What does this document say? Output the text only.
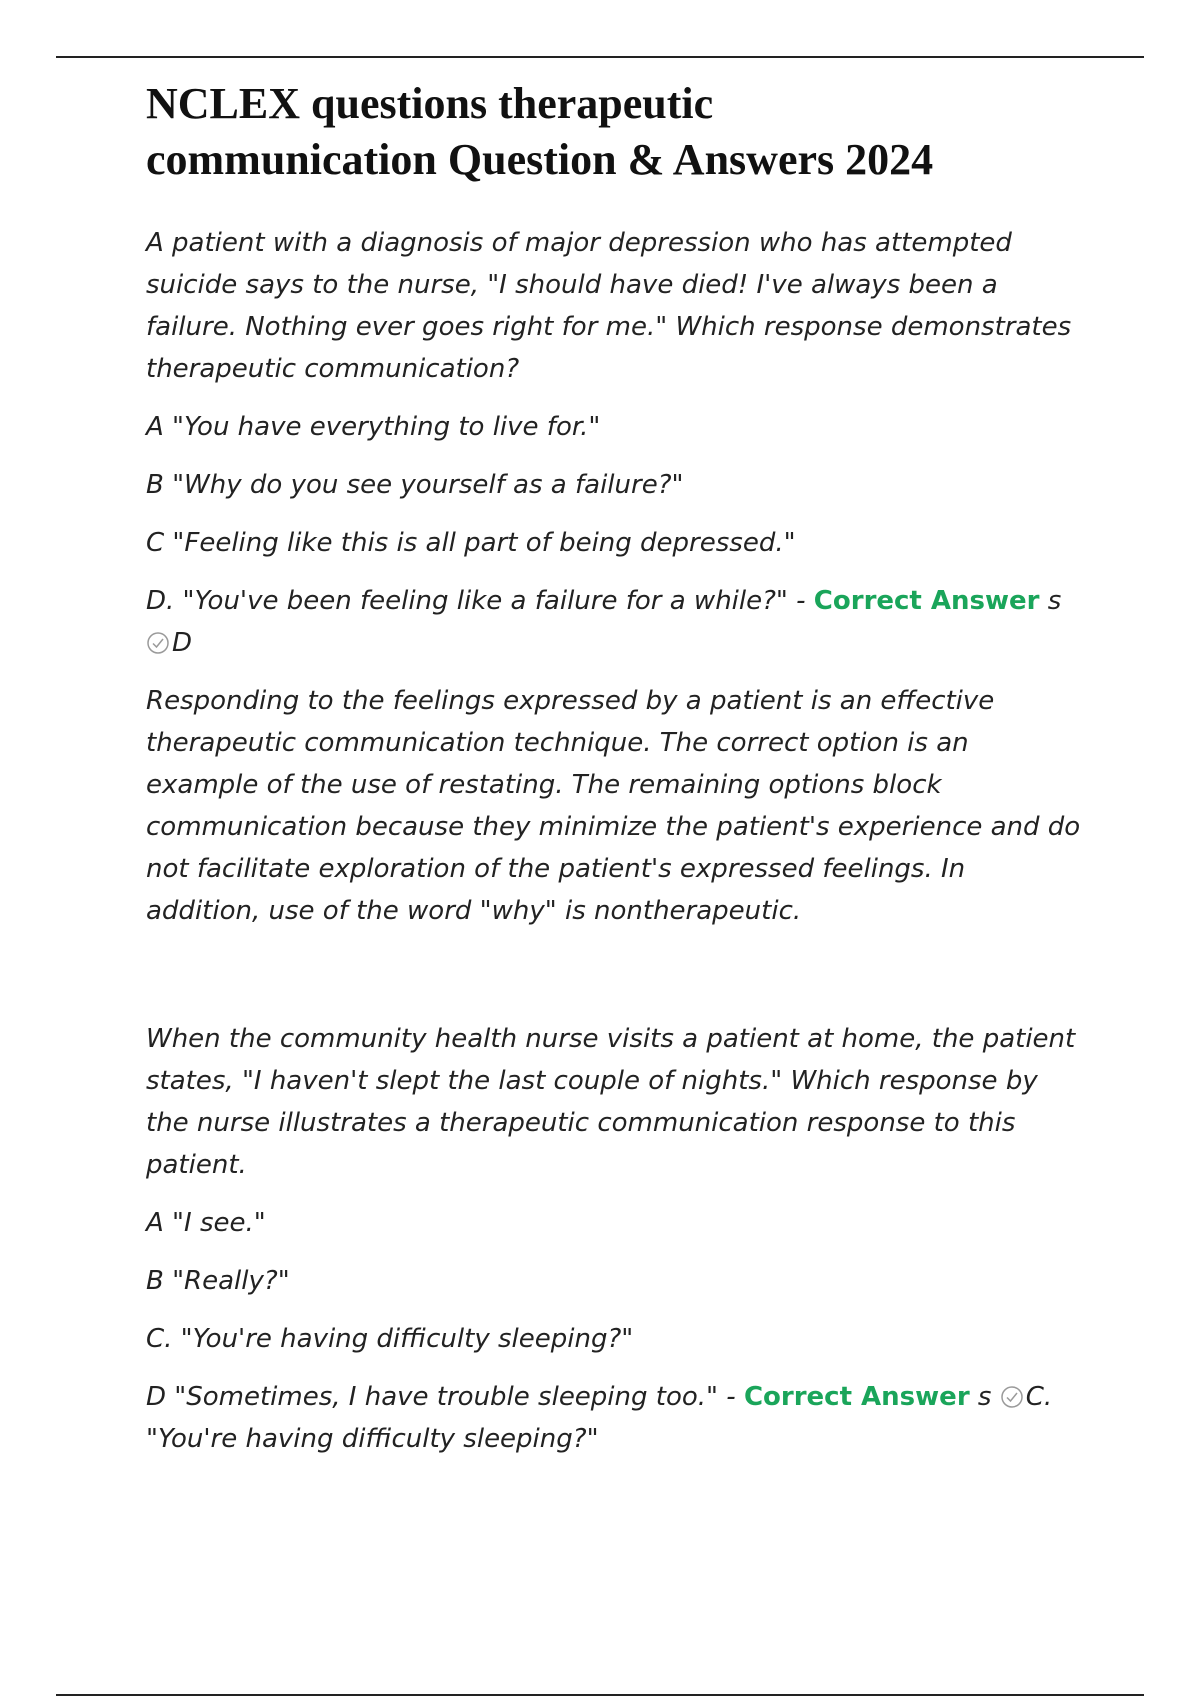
NCLEX questions therapeutic
communication Question & Answers 2024

A patient with a diagnosis of major depression who has attempted suicide says to the nurse, "I should have died! I've always been a failure. Nothing ever goes right for me." Which response demonstrates therapeutic communication?

A "You have everything to live for."

B "Why do you see yourself as a failure?"

C "Feeling like this is all part of being depressed."

D. "You've been feeling like a failure for a while?" - Correct Answer s
D

Responding to the feelings expressed by a patient is an effective therapeutic communication technique. The correct option is an example of the use of restating. The remaining options block communication because they minimize the patient's experience and do not facilitate exploration of the patient's expressed feelings. In addition, use of the word "why" is nontherapeutic.

When the community health nurse visits a patient at home, the patient states, "I haven't slept the last couple of nights." Which response by the nurse illustrates a therapeutic communication response to this patient.

A "I see."

B "Really?"

C. "You're having difficulty sleeping?"

D "Sometimes, I have trouble sleeping too." - Correct Answer s C. "You're having difficulty sleeping?"
